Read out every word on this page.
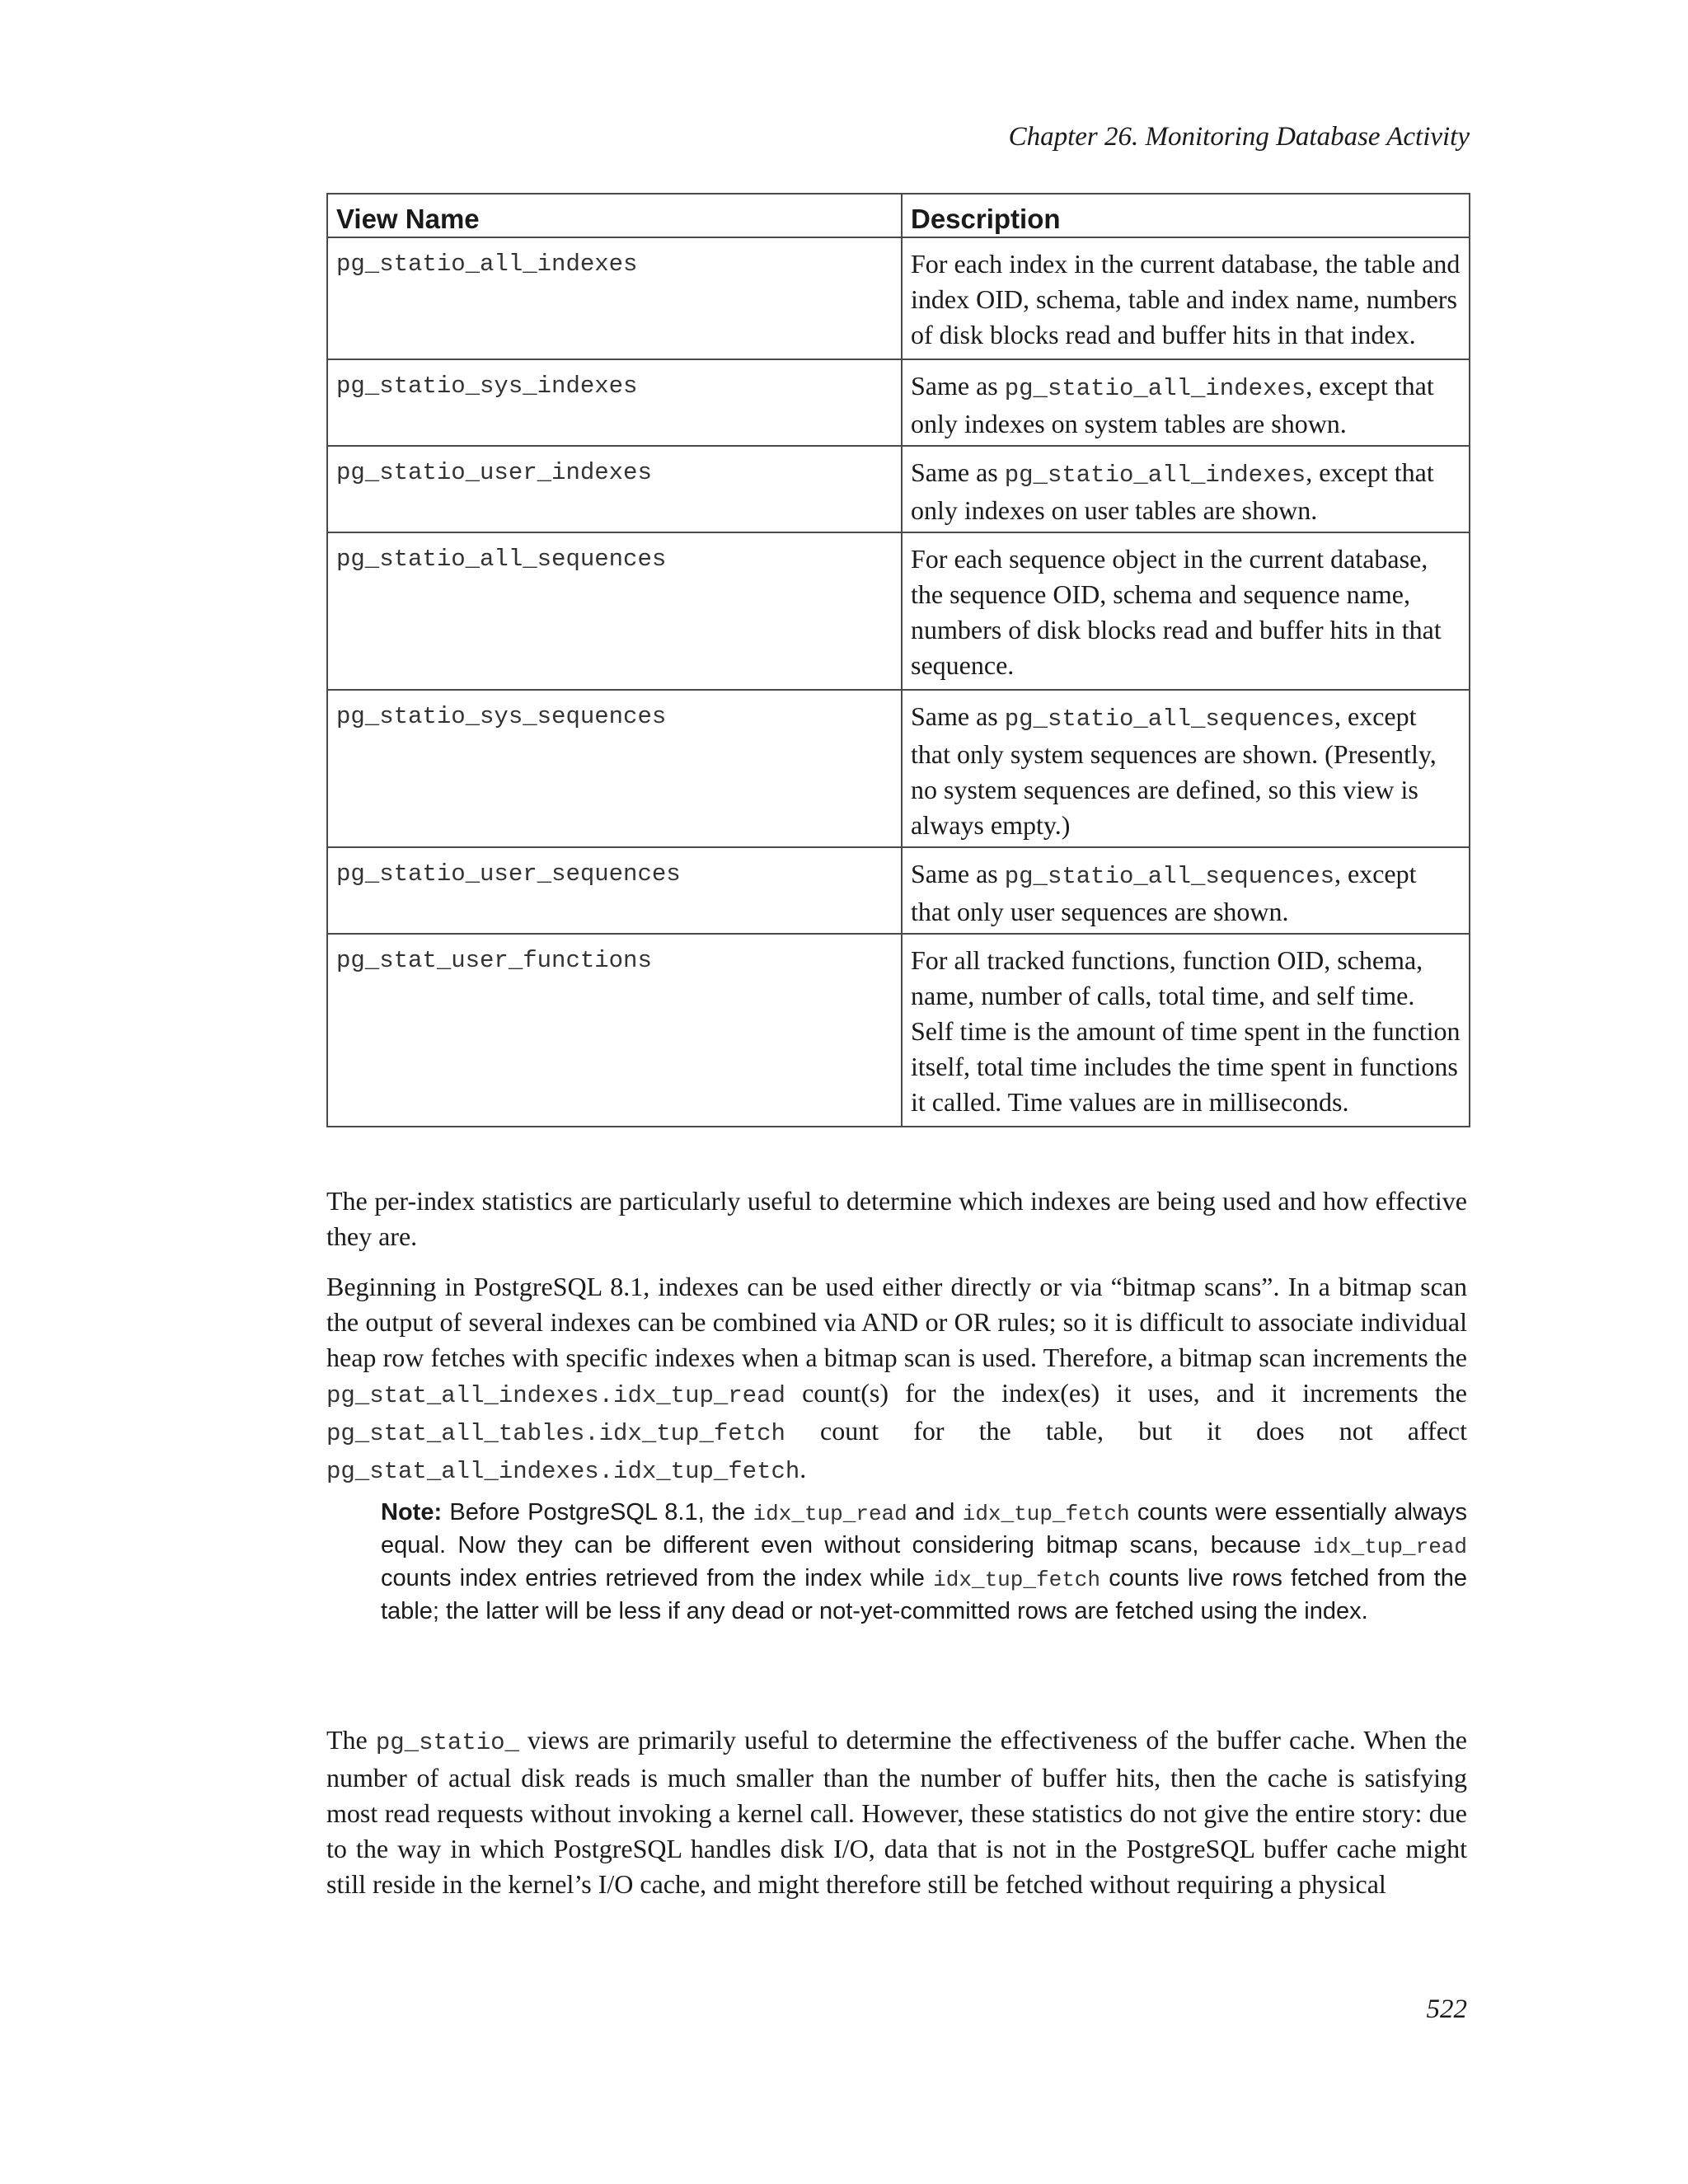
Chapter 26. Monitoring Database Activity
View Name	Description
pg_statio_all_indexes	For each index in the current database, the table and index OID, schema, table and index name, numbers of disk blocks read and buffer hits in that index.
pg_statio_sys_indexes	Same as pg_statio_all_indexes, except that only indexes on system tables are shown.
pg_statio_user_indexes	Same as pg_statio_all_indexes, except that only indexes on user tables are shown.
pg_statio_all_sequences	For each sequence object in the current database, the sequence OID, schema and sequence name, numbers of disk blocks read and buffer hits in that sequence.
pg_statio_sys_sequences	Same as pg_statio_all_sequences, except that only system sequences are shown. (Presently, no system sequences are defined, so this view is always empty.)
pg_statio_user_sequences	Same as pg_statio_all_sequences, except that only user sequences are shown.
pg_stat_user_functions	For all tracked functions, function OID, schema, name, number of calls, total time, and self time. Self time is the amount of time spent in the function itself, total time includes the time spent in functions it called. Time values are in milliseconds.

The per-index statistics are particularly useful to determine which indexes are being used and how effective they are.

Beginning in PostgreSQL 8.1, indexes can be used either directly or via “bitmap scans”. In a bitmap scan the output of several indexes can be combined via AND or OR rules; so it is difficult to associate individual heap row fetches with specific indexes when a bitmap scan is used. Therefore, a bitmap scan increments the pg_stat_all_indexes.idx_tup_read count(s) for the index(es) it uses, and it increments the pg_stat_all_tables.idx_tup_fetch count for the table, but it does not affect pg_stat_all_indexes.idx_tup_fetch.

Note: Before PostgreSQL 8.1, the idx_tup_read and idx_tup_fetch counts were essentially always equal. Now they can be different even without considering bitmap scans, because idx_tup_read counts index entries retrieved from the index while idx_tup_fetch counts live rows fetched from the table; the latter will be less if any dead or not-yet-committed rows are fetched using the index.

The pg_statio_ views are primarily useful to determine the effectiveness of the buffer cache. When the number of actual disk reads is much smaller than the number of buffer hits, then the cache is satisfying most read requests without invoking a kernel call. However, these statistics do not give the entire story: due to the way in which PostgreSQL handles disk I/O, data that is not in the PostgreSQL buffer cache might still reside in the kernel’s I/O cache, and might therefore still be fetched without requiring a physical

522
